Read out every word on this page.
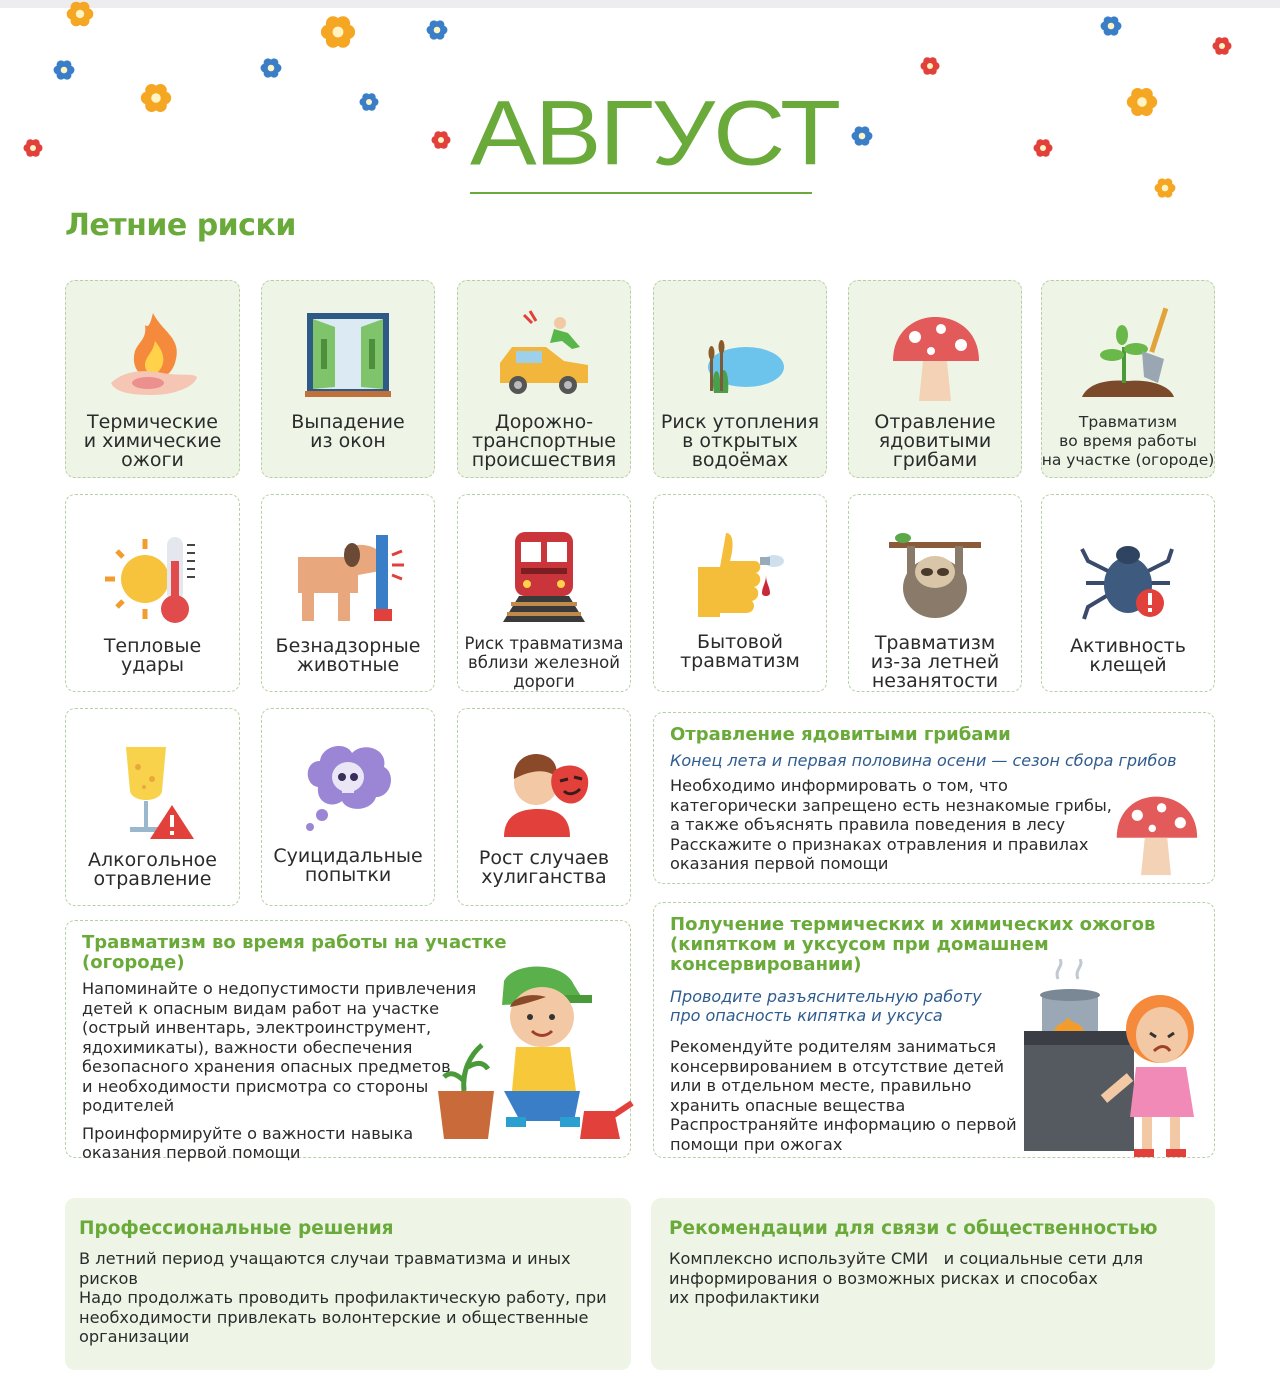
АВГУСТ
Летние риски
Термические
и химические
ожоги
Выпадение
из окон
Дорожно-
транспортные
происшествия
Риск утопления
в открытых
водоёмах
Отравление
ядовитыми
грибами
Травматизм
во время работы
на участке (огороде)
Тепловые
удары
Безнадзорные
животные
Риск травматизма
вблизи железной
дороги
Бытовой
травматизм
Травматизм
из-за летней
незанятости
Активность
клещей
Алкогольное
отравление
Суицидальные
попытки
Рост случаев
хулиганства
Отравление ядовитыми грибами
Конец лета и первая половина осени — сезон сбора грибов

Необходимо информировать о том, что
категорически запрещено есть незнакомые грибы,
а также объяснять правила поведения в лесу
Расскажите о признаках отравления и правилах
оказания первой помощи

Травматизм во время работы на участке (огороде)

Напоминайте о недопустимости привлечения
детей к опасным видам работ на участке
(острый инвентарь, электроинструмент,
ядохимикаты), важности обеспечения
безопасного хранения опасных предметов
и необходимости присмотра со стороны
родителей

Проинформируйте о важности навыка
оказания первой помощи

Получение термических и химических ожогов
(кипятком и уксусом при домашнем
консервировании)
Проводите разъяснительную работу
про опасность кипятка и уксуса

Рекомендуйте родителям заниматься
консервированием в отсутствие детей
или в отдельном месте, правильно
хранить опасные вещества
Распространяйте информацию о первой
помощи при ожогах

Профессиональные решения

В летний период учащаются случаи травматизма и иных
рисков
Надо продолжать проводить профилактическую работу, при
необходимости привлекать волонтерские и общественные
организации

Рекомендации для связи с общественностью

Комплексно используйте СМИ   и социальные сети для
информирования о возможных рисках и способах
их профилактики
